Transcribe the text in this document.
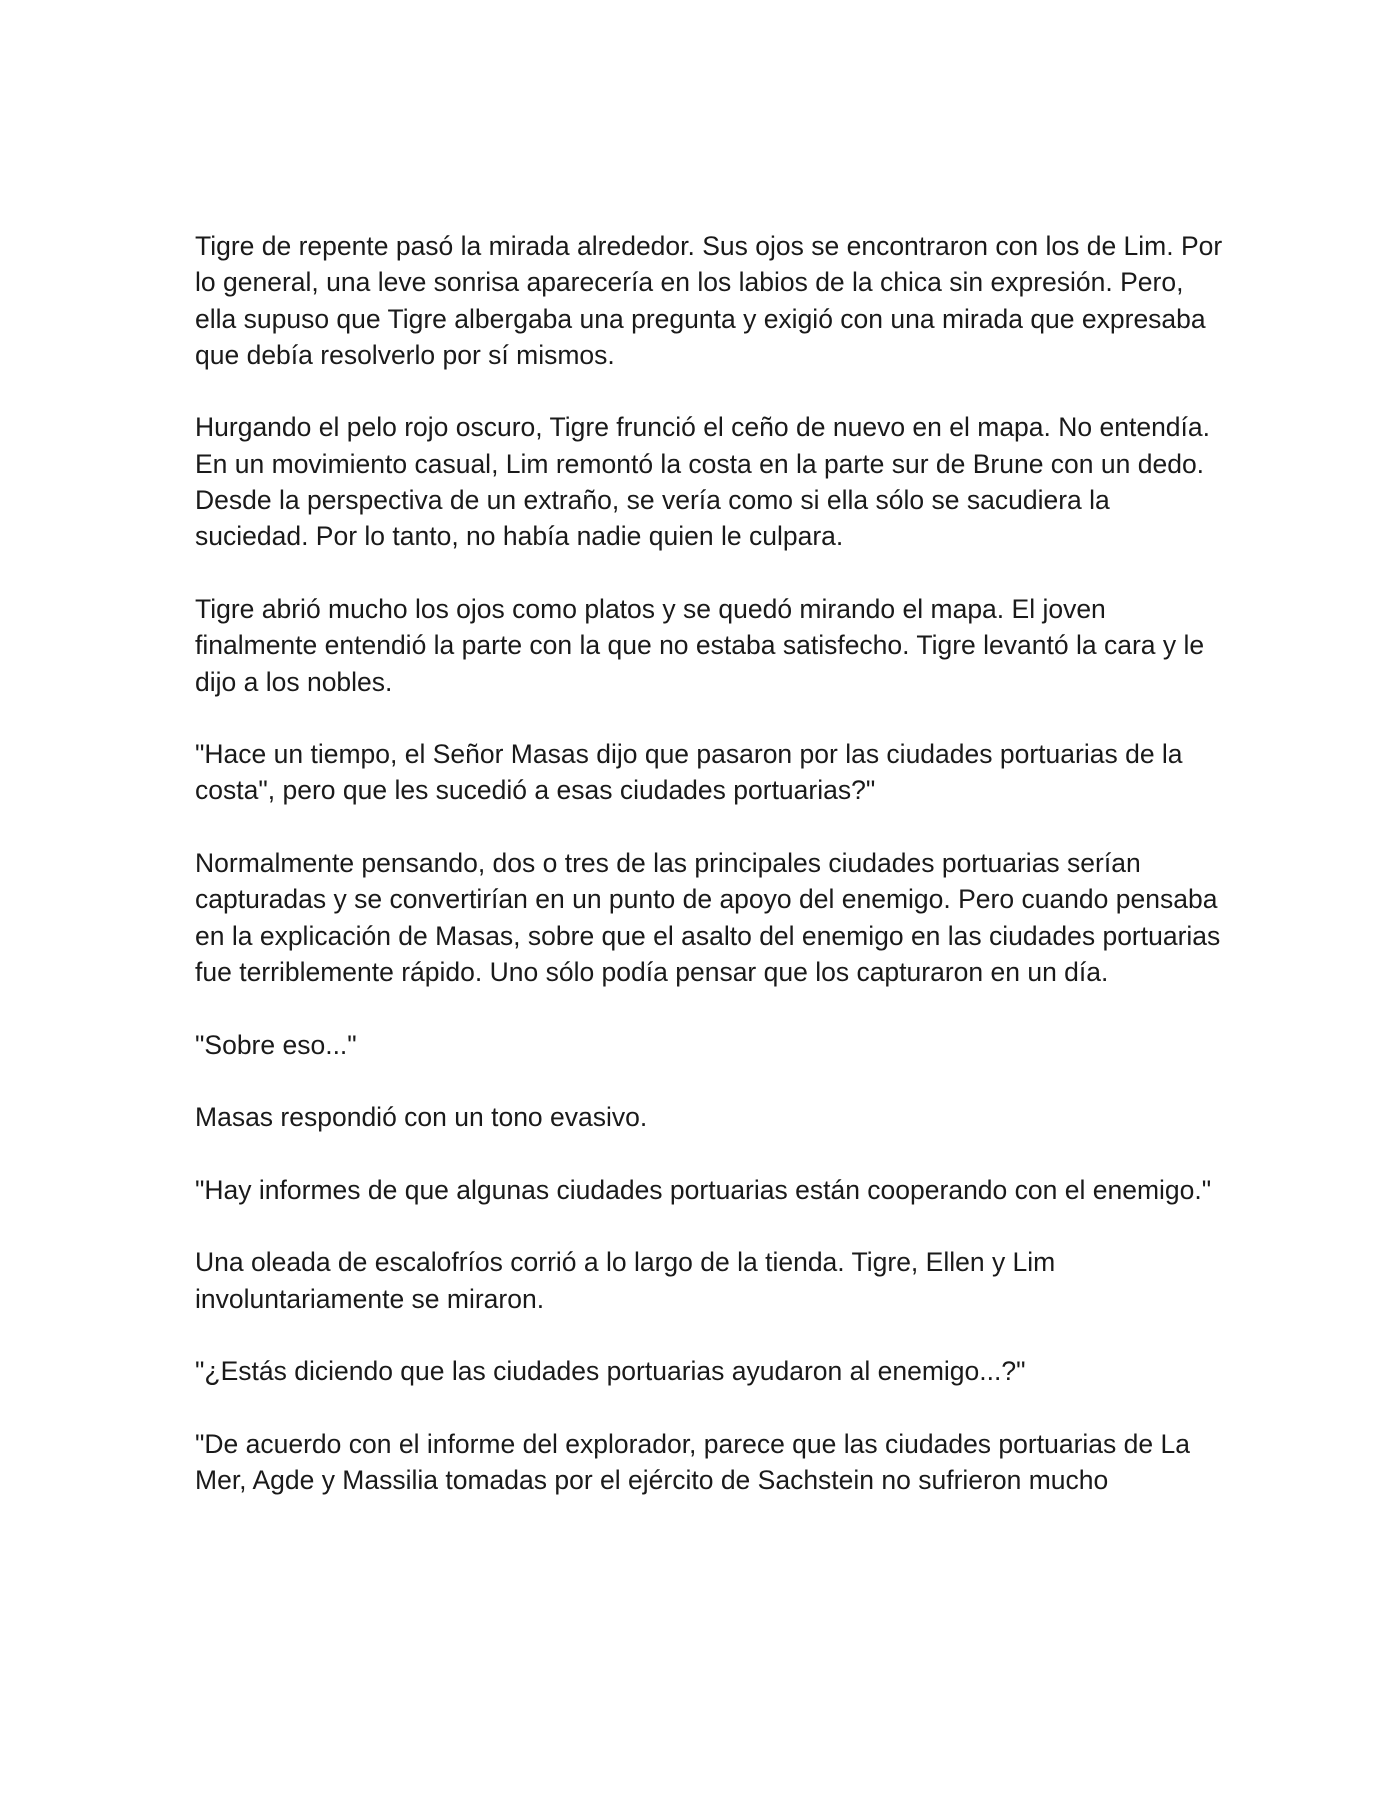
Tigre de repente pasó la mirada alrededor. Sus ojos se encontraron con los de Lim. Por lo general, una leve sonrisa aparecería en los labios de la chica sin expresión. Pero, ella supuso que Tigre albergaba una pregunta y exigió con una mirada que expresaba que debía resolverlo por sí mismos.

Hurgando el pelo rojo oscuro, Tigre frunció el ceño de nuevo en el mapa. No entendía. En un movimiento casual, Lim remontó la costa en la parte sur de Brune con un dedo. Desde la perspectiva de un extraño, se vería como si ella sólo se sacudiera la suciedad. Por lo tanto, no había nadie quien le culpara.

Tigre abrió mucho los ojos como platos y se quedó mirando el mapa. El joven finalmente entendió la parte con la que no estaba satisfecho. Tigre levantó la cara y le dijo a los nobles.

"Hace un tiempo, el Señor Masas dijo que pasaron por las ciudades portuarias de la costa", pero que les sucedió a esas ciudades portuarias?"

Normalmente pensando, dos o tres de las principales ciudades portuarias serían capturadas y se convertirían en un punto de apoyo del enemigo. Pero cuando pensaba en la explicación de Masas, sobre que el asalto del enemigo en las ciudades portuarias fue terriblemente rápido. Uno sólo podía pensar que los capturaron en un día.

"Sobre eso..."

Masas respondió con un tono evasivo.

"Hay informes de que algunas ciudades portuarias están cooperando con el enemigo."

Una oleada de escalofríos corrió a lo largo de la tienda. Tigre, Ellen y Lim involuntariamente se miraron.

"¿Estás diciendo que las ciudades portuarias ayudaron al enemigo...?"

"De acuerdo con el informe del explorador, parece que las ciudades portuarias de La Mer, Agde y Massilia tomadas por el ejército de Sachstein no sufrieron mucho
